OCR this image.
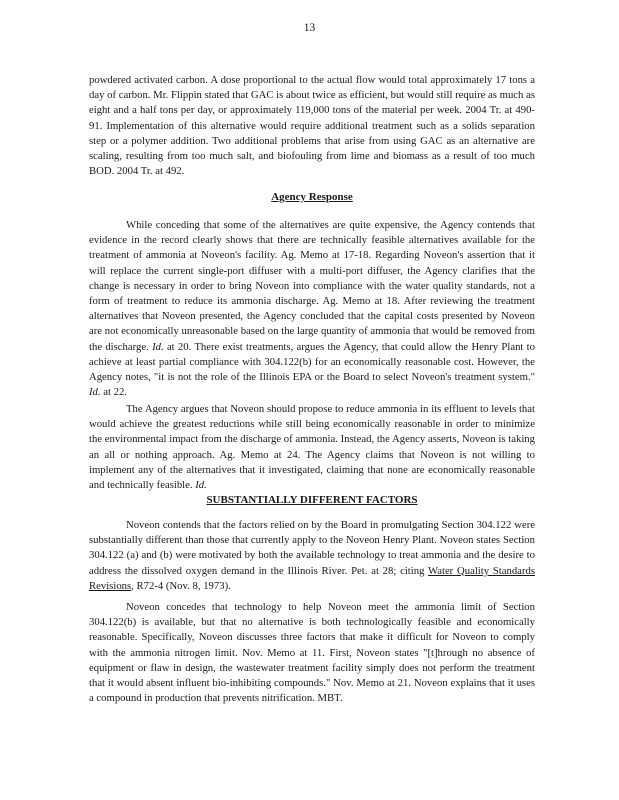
13

powdered activated carbon. A dose proportional to the actual flow would total approximately 17 tons a day of carbon. Mr. Flippin stated that GAC is about twice as efficient, but would still require as much as eight and a half tons per day, or approximately 119,000 tons of the material per week. 2004 Tr. at 490-91. Implementation of this alternative would require additional treatment such as a solids separation step or a polymer addition. Two additional problems that arise from using GAC as an alternative are scaling, resulting from too much salt, and biofouling from lime and biomass as a result of too much BOD. 2004 Tr. at 492.

Agency Response

While conceding that some of the alternatives are quite expensive, the Agency contends that evidence in the record clearly shows that there are technically feasible alternatives available for the treatment of ammonia at Noveon's facility. Ag. Memo at 17-18. Regarding Noveon's assertion that it will replace the current single-port diffuser with a multi-port diffuser, the Agency clarifies that the change is necessary in order to bring Noveon into compliance with the water quality standards, not a form of treatment to reduce its ammonia discharge. Ag. Memo at 18. After reviewing the treatment alternatives that Noveon presented, the Agency concluded that the capital costs presented by Noveon are not economically unreasonable based on the large quantity of ammonia that would be removed from the discharge. Id. at 20. There exist treatments, argues the Agency, that could allow the Henry Plant to achieve at least partial compliance with 304.122(b) for an economically reasonable cost. However, the Agency notes, "it is not the role of the Illinois EPA or the Board to select Noveon's treatment system." Id. at 22.

The Agency argues that Noveon should propose to reduce ammonia in its effluent to levels that would achieve the greatest reductions while still being economically reasonable in order to minimize the environmental impact from the discharge of ammonia. Instead, the Agency asserts, Noveon is taking an all or nothing approach. Ag. Memo at 24. The Agency claims that Noveon is not willing to implement any of the alternatives that it investigated, claiming that none are economically reasonable and technically feasible. Id.

SUBSTANTIALLY DIFFERENT FACTORS

Noveon contends that the factors relied on by the Board in promulgating Section 304.122 were substantially different than those that currently apply to the Noveon Henry Plant. Noveon states Section 304.122 (a) and (b) were motivated by both the available technology to treat ammonia and the desire to address the dissolved oxygen demand in the Illinois River. Pet. at 28; citing Water Quality Standards Revisions, R72-4 (Nov. 8, 1973).

Noveon concedes that technology to help Noveon meet the ammonia limit of Section 304.122(b) is available, but that no alternative is both technologically feasible and economically reasonable. Specifically, Noveon discusses three factors that make it difficult for Noveon to comply with the ammonia nitrogen limit. Nov. Memo at 11. First, Noveon states "[t]hrough no absence of equipment or flaw in design, the wastewater treatment facility simply does not perform the treatment that it would absent influent bio-inhibiting compounds." Nov. Memo at 21. Noveon explains that it uses a compound in production that prevents nitrification. MBT.
